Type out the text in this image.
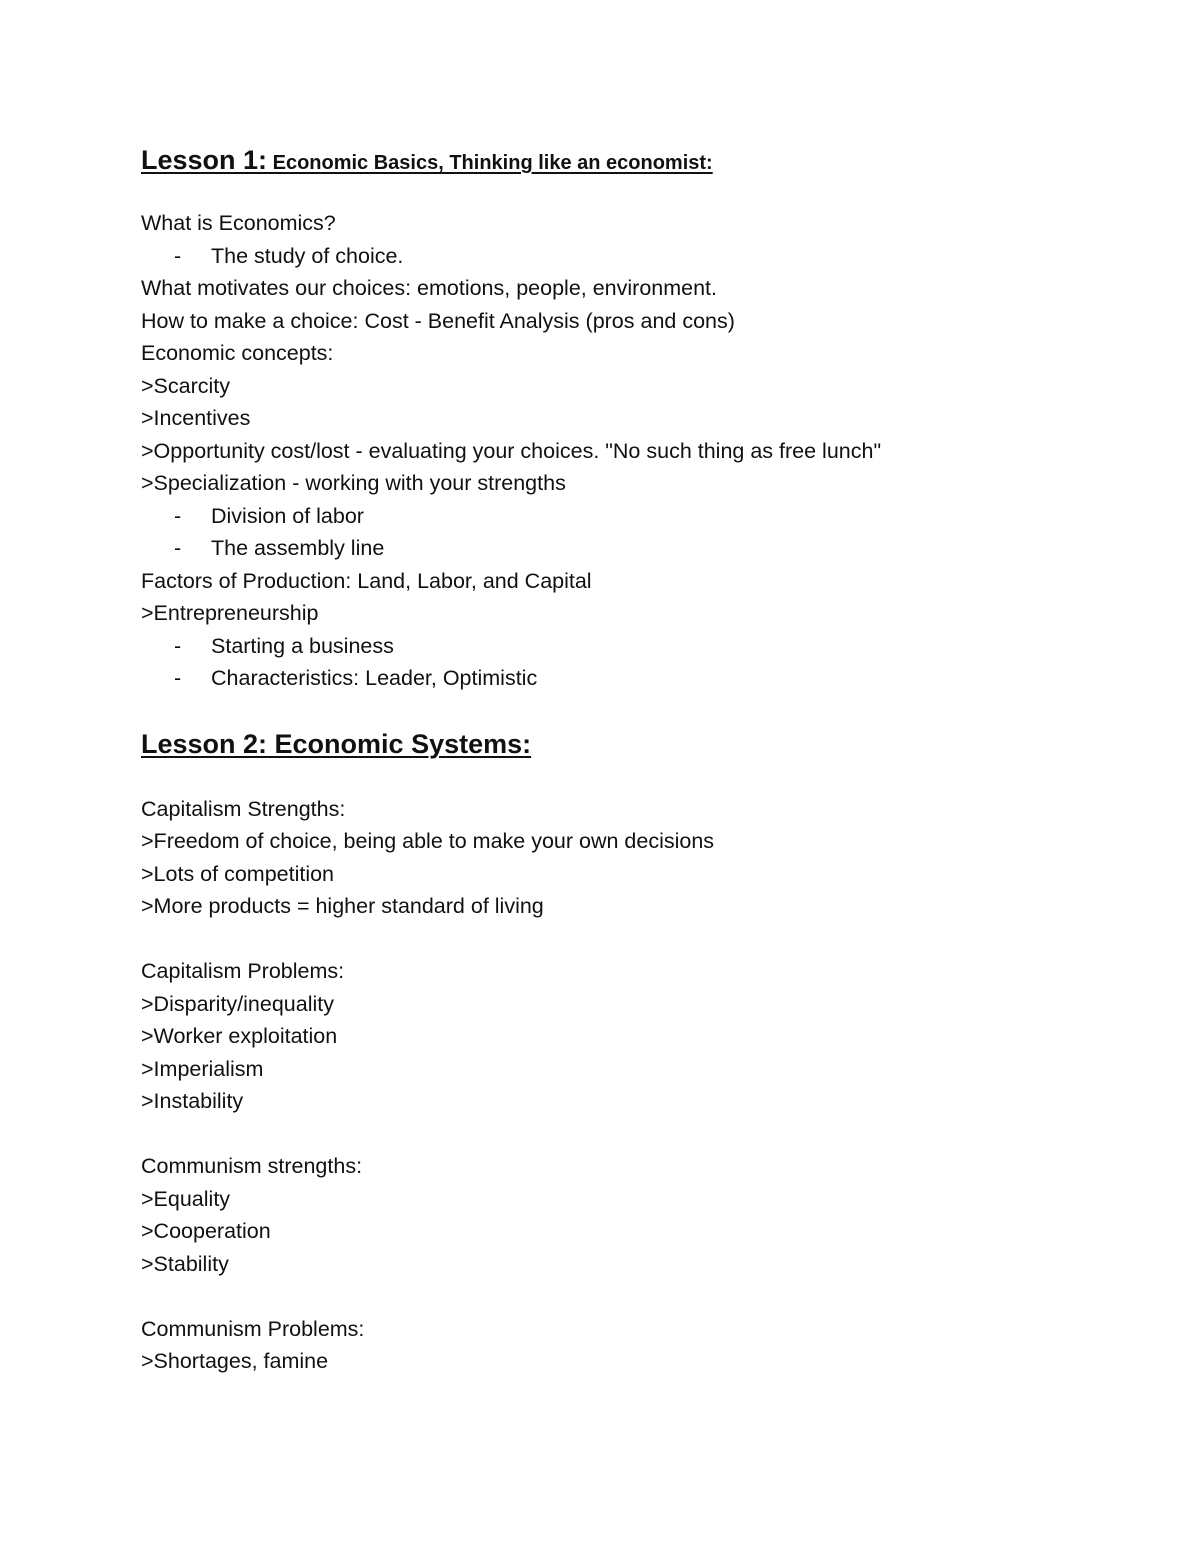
Lesson 1: Economic Basics, Thinking like an economist:
What is Economics?
- The study of choice.
What motivates our choices: emotions, people, environment.
How to make a choice: Cost - Benefit Analysis (pros and cons)
Economic concepts:
>Scarcity
>Incentives
>Opportunity cost/lost - evaluating your choices. "No such thing as free lunch"
>Specialization - working with your strengths
- Division of labor
- The assembly line
Factors of Production: Land, Labor, and Capital
>Entrepreneurship
- Starting a business
- Characteristics: Leader, Optimistic
Lesson 2: Economic Systems:
Capitalism Strengths:
>Freedom of choice, being able to make your own decisions
>Lots of competition
>More products = higher standard of living
Capitalism Problems:
>Disparity/inequality
>Worker exploitation
>Imperialism
>Instability
Communism strengths:
>Equality
>Cooperation
>Stability
Communism Problems:
>Shortages, famine
